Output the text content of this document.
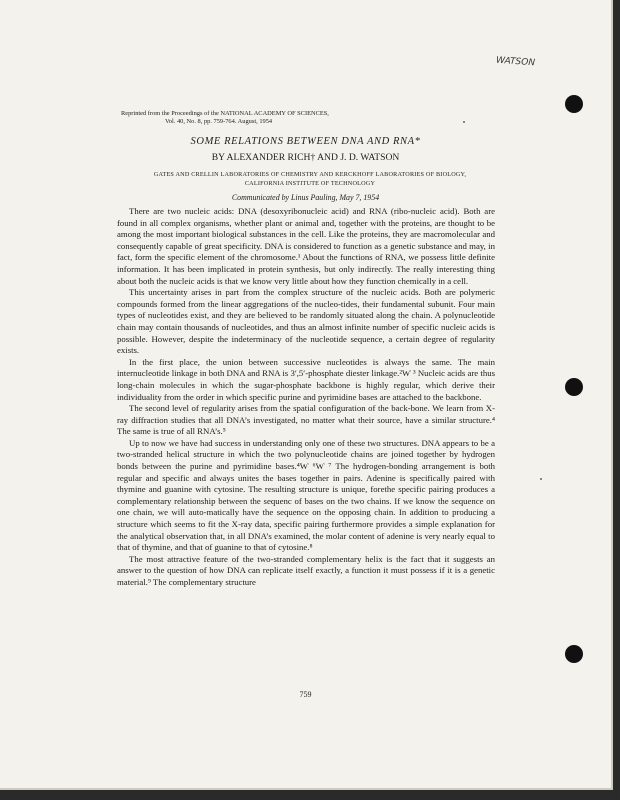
WATSON
Reprinted from the Proceedings of the NATIONAL ACADEMY OF SCIENCES,
Vol. 40, No. 8, pp. 759-764. August, 1954
SOME RELATIONS BETWEEN DNA AND RNA*
BY ALEXANDER RICH† AND J. D. WATSON
GATES AND CRELLIN LABORATORIES OF CHEMISTRY AND KERCKHOFF LABORATORIES OF BIOLOGY,
CALIFORNIA INSTITUTE OF TECHNOLOGY
Communicated by Linus Pauling, May 7, 1954

There are two nucleic acids: DNA (desoxyribonucleic acid) and RNA (ribo-nucleic acid). Both are found in all complex organisms, whether plant or animal and, together with the proteins, are thought to be among the most important biological substances in the cell. Like the proteins, they are macromolecular and consequently capable of great specificity. DNA is considered to function as a genetic substance and may, in fact, form the specific element of the chromosome.¹ About the functions of RNA, we possess little definite information. It has been implicated in protein synthesis, but only indirectly. The really interesting thing about both the nucleic acids is that we know very little about how they function chemically in a cell.

This uncertainty arises in part from the complex structure of the nucleic acids. Both are polymeric compounds formed from the linear aggregations of the nucleo-tides, their fundamental subunit. Four main types of nucleotides exist, and they are believed to be randomly situated along the chain. A polynucleotide chain may contain thousands of nucleotides, and thus an almost infinite number of specific nucleic acids is possible. However, despite the indeterminacy of the nucleotide sequence, a certain degree of regularity exists.

In the first place, the union between successive nucleotides is always the same. The main internucleotide linkage in both DNA and RNA is 3′,5′-phosphate diester linkage.²Ⱳ ³ Nucleic acids are thus long-chain molecules in which the sugar-phosphate backbone is highly regular, which derive their individuality from the order in which specific purine and pyrimidine bases are attached to the backbone.

The second level of regularity arises from the spatial configuration of the back-bone. We learn from X-ray diffraction studies that all DNA’s investigated, no matter what their source, have a similar structure.⁴ The same is true of all RNA’s.⁵

Up to now we have had success in understanding only one of these two structures. DNA appears to be a two-stranded helical structure in which the two polynucleotide chains are joined together by hydrogen bonds between the purine and pyrimidine bases.⁴Ⱳ ⁶Ⱳ ⁷ The hydrogen-bonding arrangement is both regular and specific and always unites the bases together in pairs. Adenine is specifically paired with thymine and guanine with cytosine. The resulting structure is unique, forethe specific pairing produces a complementary relationship between the sequenc of bases on the two chains. If we know the sequence on one chain, we will auto-matically have the sequence on the opposing chain. In addition to producing a structure which seems to fit the X-ray data, specific pairing furthermore provides a simple explanation for the analytical observation that, in all DNA’s examined, the molar content of adenine is very nearly equal to that of thymine, and that of guanine to that of cytosine.⁸

The most attractive feature of the two-stranded complementary helix is the fact that it suggests an answer to the question of how DNA can replicate itself exactly, a function it must possess if it is a genetic material.⁹ The complementary structure

759
